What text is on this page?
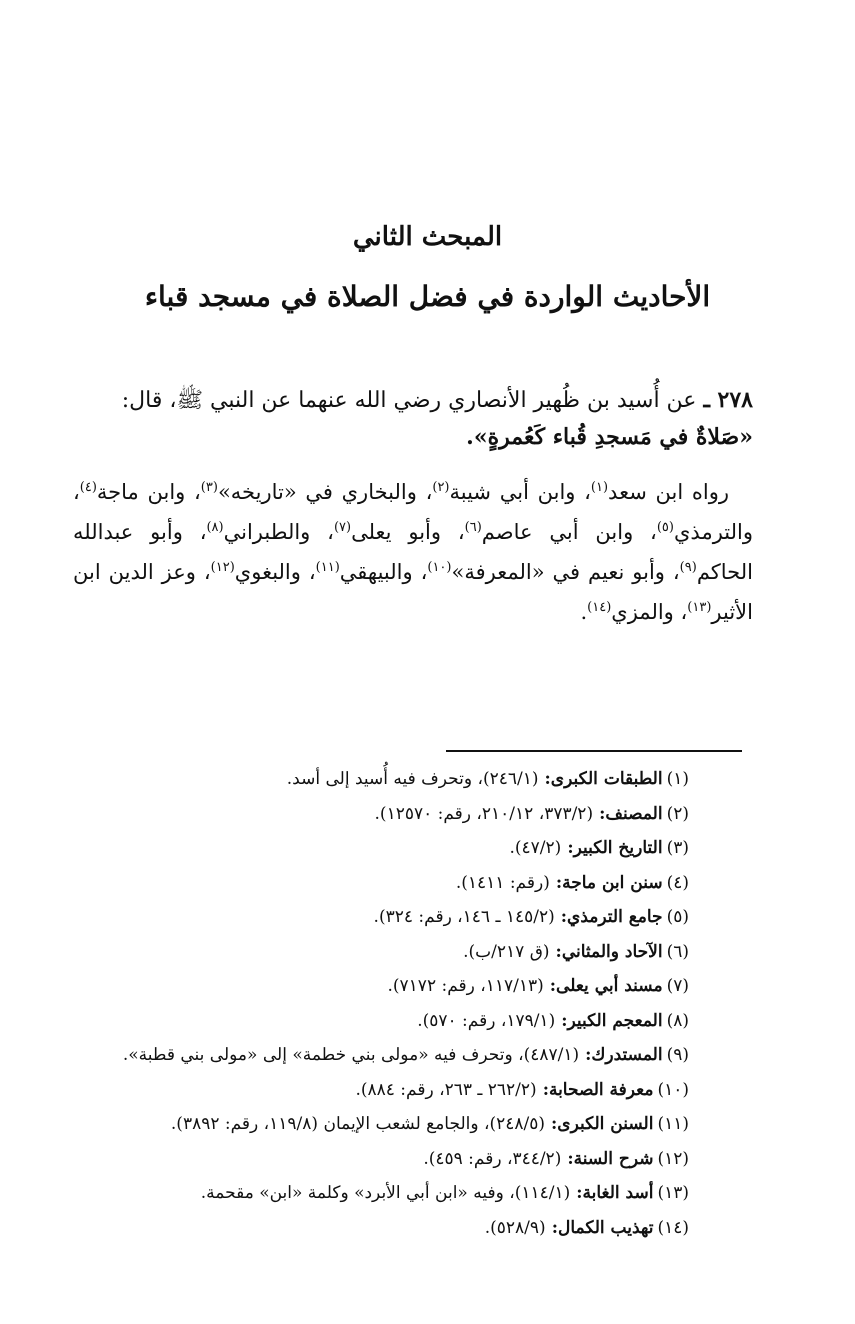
المبحث الثاني
الأحاديث الواردة في فضل الصلاة في مسجد قباء
٢٧٨ ـ عن أُسيد بن ظُهير الأنصاري رضي الله عنهما عن النبي ﷺ، قال:
«صَلاةٌ في مَسجدِ قُباء كَعُمرةٍ».
رواه ابن سعد$^{(١)}$، وابن أبي شيبة$^{(٢)}$، والبخاري في «تاريخه»$^{(٣)}$، وابن ماجة$^{(٤)}$، والترمذي$^{(٥)}$، وابن أبي عاصم$^{(٦)}$، وأبو يعلى$^{(٧)}$، والطبراني$^{(٨)}$، وأبو عبدالله الحاكم$^{(٩)}$، وأبو نعيم في «المعرفة»$^{(١٠)}$، والبيهقي$^{(١١)}$، والبغوي$^{(١٢)}$، وعز الدين ابن الأثير$^{(١٣)}$، والمزي$^{(١٤)}$.
(١)الطبقات الكبرى:(٢٤٦/١)، وتحرف فيه أُسيد إلى أسد.
(٢)المصنف:(٣٧٣/٢، ٢١٠/١٢، رقم: ١٢٥٧٠).
(٣)التاريخ الكبير:(٤٧/٢).
(٤)سنن ابن ماجة:(رقم: ١٤١١).
(٥)جامع الترمذي:(١٤٥/٢ ـ ١٤٦، رقم: ٣٢٤).
(٦)الآحاد والمثاني:(ق ٢١٧/ب).
(٧)مسند أبي يعلى:(١١٧/١٣، رقم: ٧١٧٢).
(٨)المعجم الكبير:(١٧٩/١، رقم: ٥٧٠).
(٩)المستدرك:(٤٨٧/١)، وتحرف فيه «مولى بني خطمة» إلى «مولى بني قطبة».
(١٠)معرفة الصحابة:(٢٦٢/٢ ـ ٢٦٣، رقم: ٨٨٤).
(١١)السنن الكبرى:(٢٤٨/٥)، والجامع لشعب الإيمان (١١٩/٨، رقم: ٣٨٩٢).
(١٢)شرح السنة:(٣٤٤/٢، رقم: ٤٥٩).
(١٣)أسد الغابة:(١١٤/١)، وفيه «ابن أبي الأبرد» وكلمة «ابن» مقحمة.
(١٤)تهذيب الكمال:(٥٢٨/٩).
